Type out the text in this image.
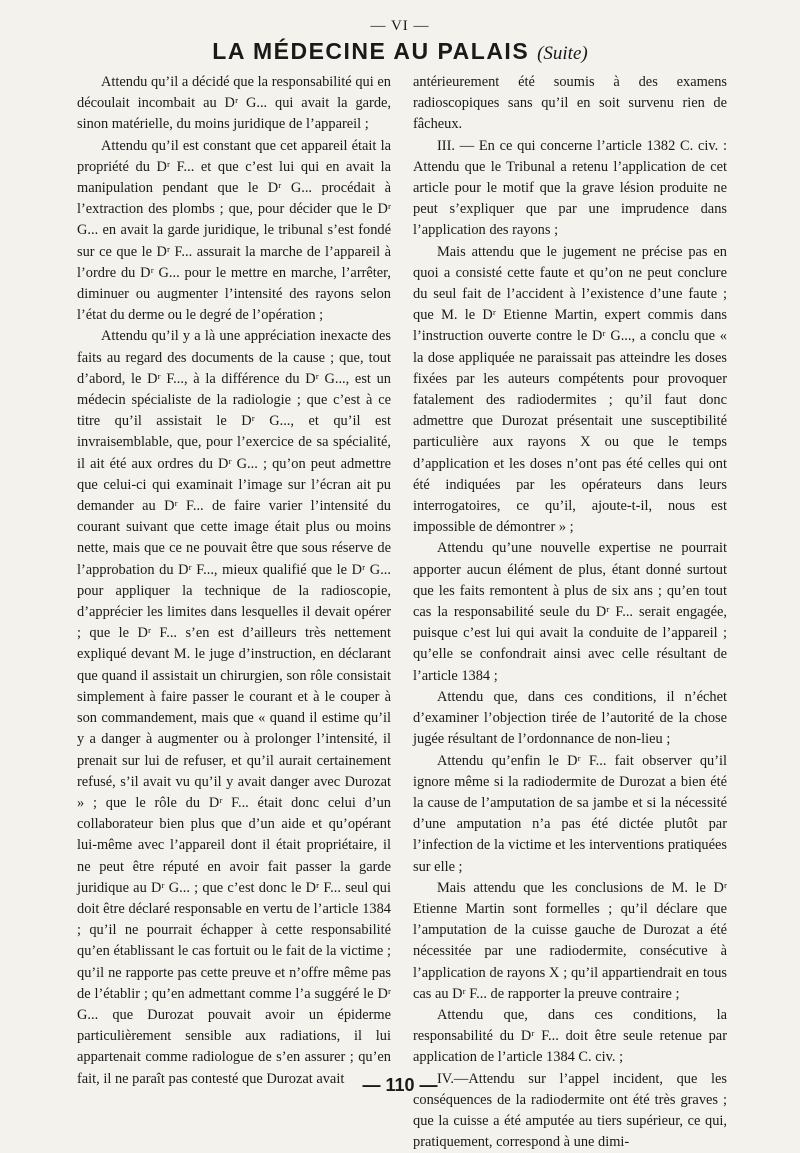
— VI —
LA MÉDECINE AU PALAIS (Suite)

Attendu qu’il a décidé que la responsabilité qui en découlait incombait au Dʳ G... qui avait la garde, sinon matérielle, du moins juridique de l’appareil ;

Attendu qu’il est constant que cet appareil était la propriété du Dʳ F... et que c’est lui qui en avait la manipulation pendant que le Dʳ G... procédait à l’extraction des plombs ; que, pour décider que le Dʳ G... en avait la garde juridique, le tribunal s’est fondé sur ce que le Dʳ F... assurait la marche de l’appareil à l’ordre du Dʳ G... pour le mettre en marche, l’arrêter, diminuer ou augmenter l’intensité des rayons selon l’état du derme ou le degré de l’opération ;

Attendu qu’il y a là une appréciation inexacte des faits au regard des documents de la cause ; que, tout d’abord, le Dʳ F..., à la différence du Dʳ G..., est un médecin spécialiste de la radiologie ; que c’est à ce titre qu’il assistait le Dʳ G..., et qu’il est invraisemblable, que, pour l’exercice de sa spécialité, il ait été aux ordres du Dʳ G... ; qu’on peut admettre que celui-ci qui examinait l’image sur l’écran ait pu demander au Dʳ F... de faire varier l’intensité du courant suivant que cette image était plus ou moins nette, mais que ce ne pouvait être que sous réserve de l’approbation du Dʳ F..., mieux qualifié que le Dʳ G... pour appliquer la technique de la radioscopie, d’apprécier les limites dans lesquelles il devait opérer ; que le Dʳ F... s’en est d’ailleurs très nettement expliqué devant M. le juge d’instruction, en déclarant que quand il assistait un chirurgien, son rôle consistait simplement à faire passer le courant et à le couper à son commandement, mais que « quand il estime qu’il y a danger à augmenter ou à prolonger l’intensité, il prenait sur lui de refuser, et qu’il aurait certainement refusé, s’il avait vu qu’il y avait danger avec Durozat » ; que le rôle du Dʳ F... était donc celui d’un collaborateur bien plus que d’un aide et qu’opérant lui-même avec l’appareil dont il était propriétaire, il ne peut être réputé en avoir fait passer la garde juridique au Dʳ G... ; que c’est donc le Dʳ F... seul qui doit être déclaré responsable en vertu de l’article 1384 ; qu’il ne pourrait échapper à cette responsabilité qu’en établissant le cas fortuit ou le fait de la victime ; qu’il ne rapporte pas cette preuve et n’offre même pas de l’établir ; qu’en admettant comme l’a suggéré le Dʳ G... que Durozat pouvait avoir un épiderme particulièrement sensible aux radiations, il lui appartenait comme radiologue de s’en assurer ; qu’en fait, il ne paraît pas contesté que Durozat avait

antérieurement été soumis à des examens radioscopiques sans qu’il en soit survenu rien de fâcheux.

III. — En ce qui concerne l’article 1382 C. civ. : Attendu que le Tribunal a retenu l’application de cet article pour le motif que la grave lésion produite ne peut s’expliquer que par une imprudence dans l’application des rayons ;

Mais attendu que le jugement ne précise pas en quoi a consisté cette faute et qu’on ne peut conclure du seul fait de l’accident à l’existence d’une faute ; que M. le Dʳ Etienne Martin, expert commis dans l’instruction ouverte contre le Dʳ G..., a conclu que « la dose appliquée ne paraissait pas atteindre les doses fixées par les auteurs compétents pour provoquer fatalement des radiodermites ; qu’il faut donc admettre que Durozat présentait une susceptibilité particulière aux rayons X ou que le temps d’application et les doses n’ont pas été celles qui ont été indiquées par les opérateurs dans leurs interrogatoires, ce qu’il, ajoute-t-il, nous est impossible de démontrer » ;

Attendu qu’une nouvelle expertise ne pourrait apporter aucun élément de plus, étant donné surtout que les faits remontent à plus de six ans ; qu’en tout cas la responsabilité seule du Dʳ F... serait engagée, puisque c’est lui qui avait la conduite de l’appareil ; qu’elle se confondrait ainsi avec celle résultant de l’article 1384 ;

Attendu que, dans ces conditions, il n’échet d’examiner l’objection tirée de l’autorité de la chose jugée résultant de l’ordonnance de non-lieu ;

Attendu qu’enfin le Dʳ F... fait observer qu’il ignore même si la radiodermite de Durozat a bien été la cause de l’amputation de sa jambe et si la nécessité d’une amputation n’a pas été dictée plutôt par l’infection de la victime et les interventions pratiquées sur elle ;

Mais attendu que les conclusions de M. le Dʳ Etienne Martin sont formelles ; qu’il déclare que l’amputation de la cuisse gauche de Durozat a été nécessitée par une radiodermite, consécutive à l’application de rayons X ; qu’il appartiendrait en tous cas au Dʳ F... de rapporter la preuve contraire ;

Attendu que, dans ces conditions, la responsabilité du Dʳ F... doit être seule retenue par application de l’article 1384 C. civ. ;

IV.—Attendu sur l’appel incident, que les conséquences de la radiodermite ont été très graves ; que la cuisse a été amputée au tiers supérieur, ce qui, pratiquement, correspond à une dimi-

— 110 —
